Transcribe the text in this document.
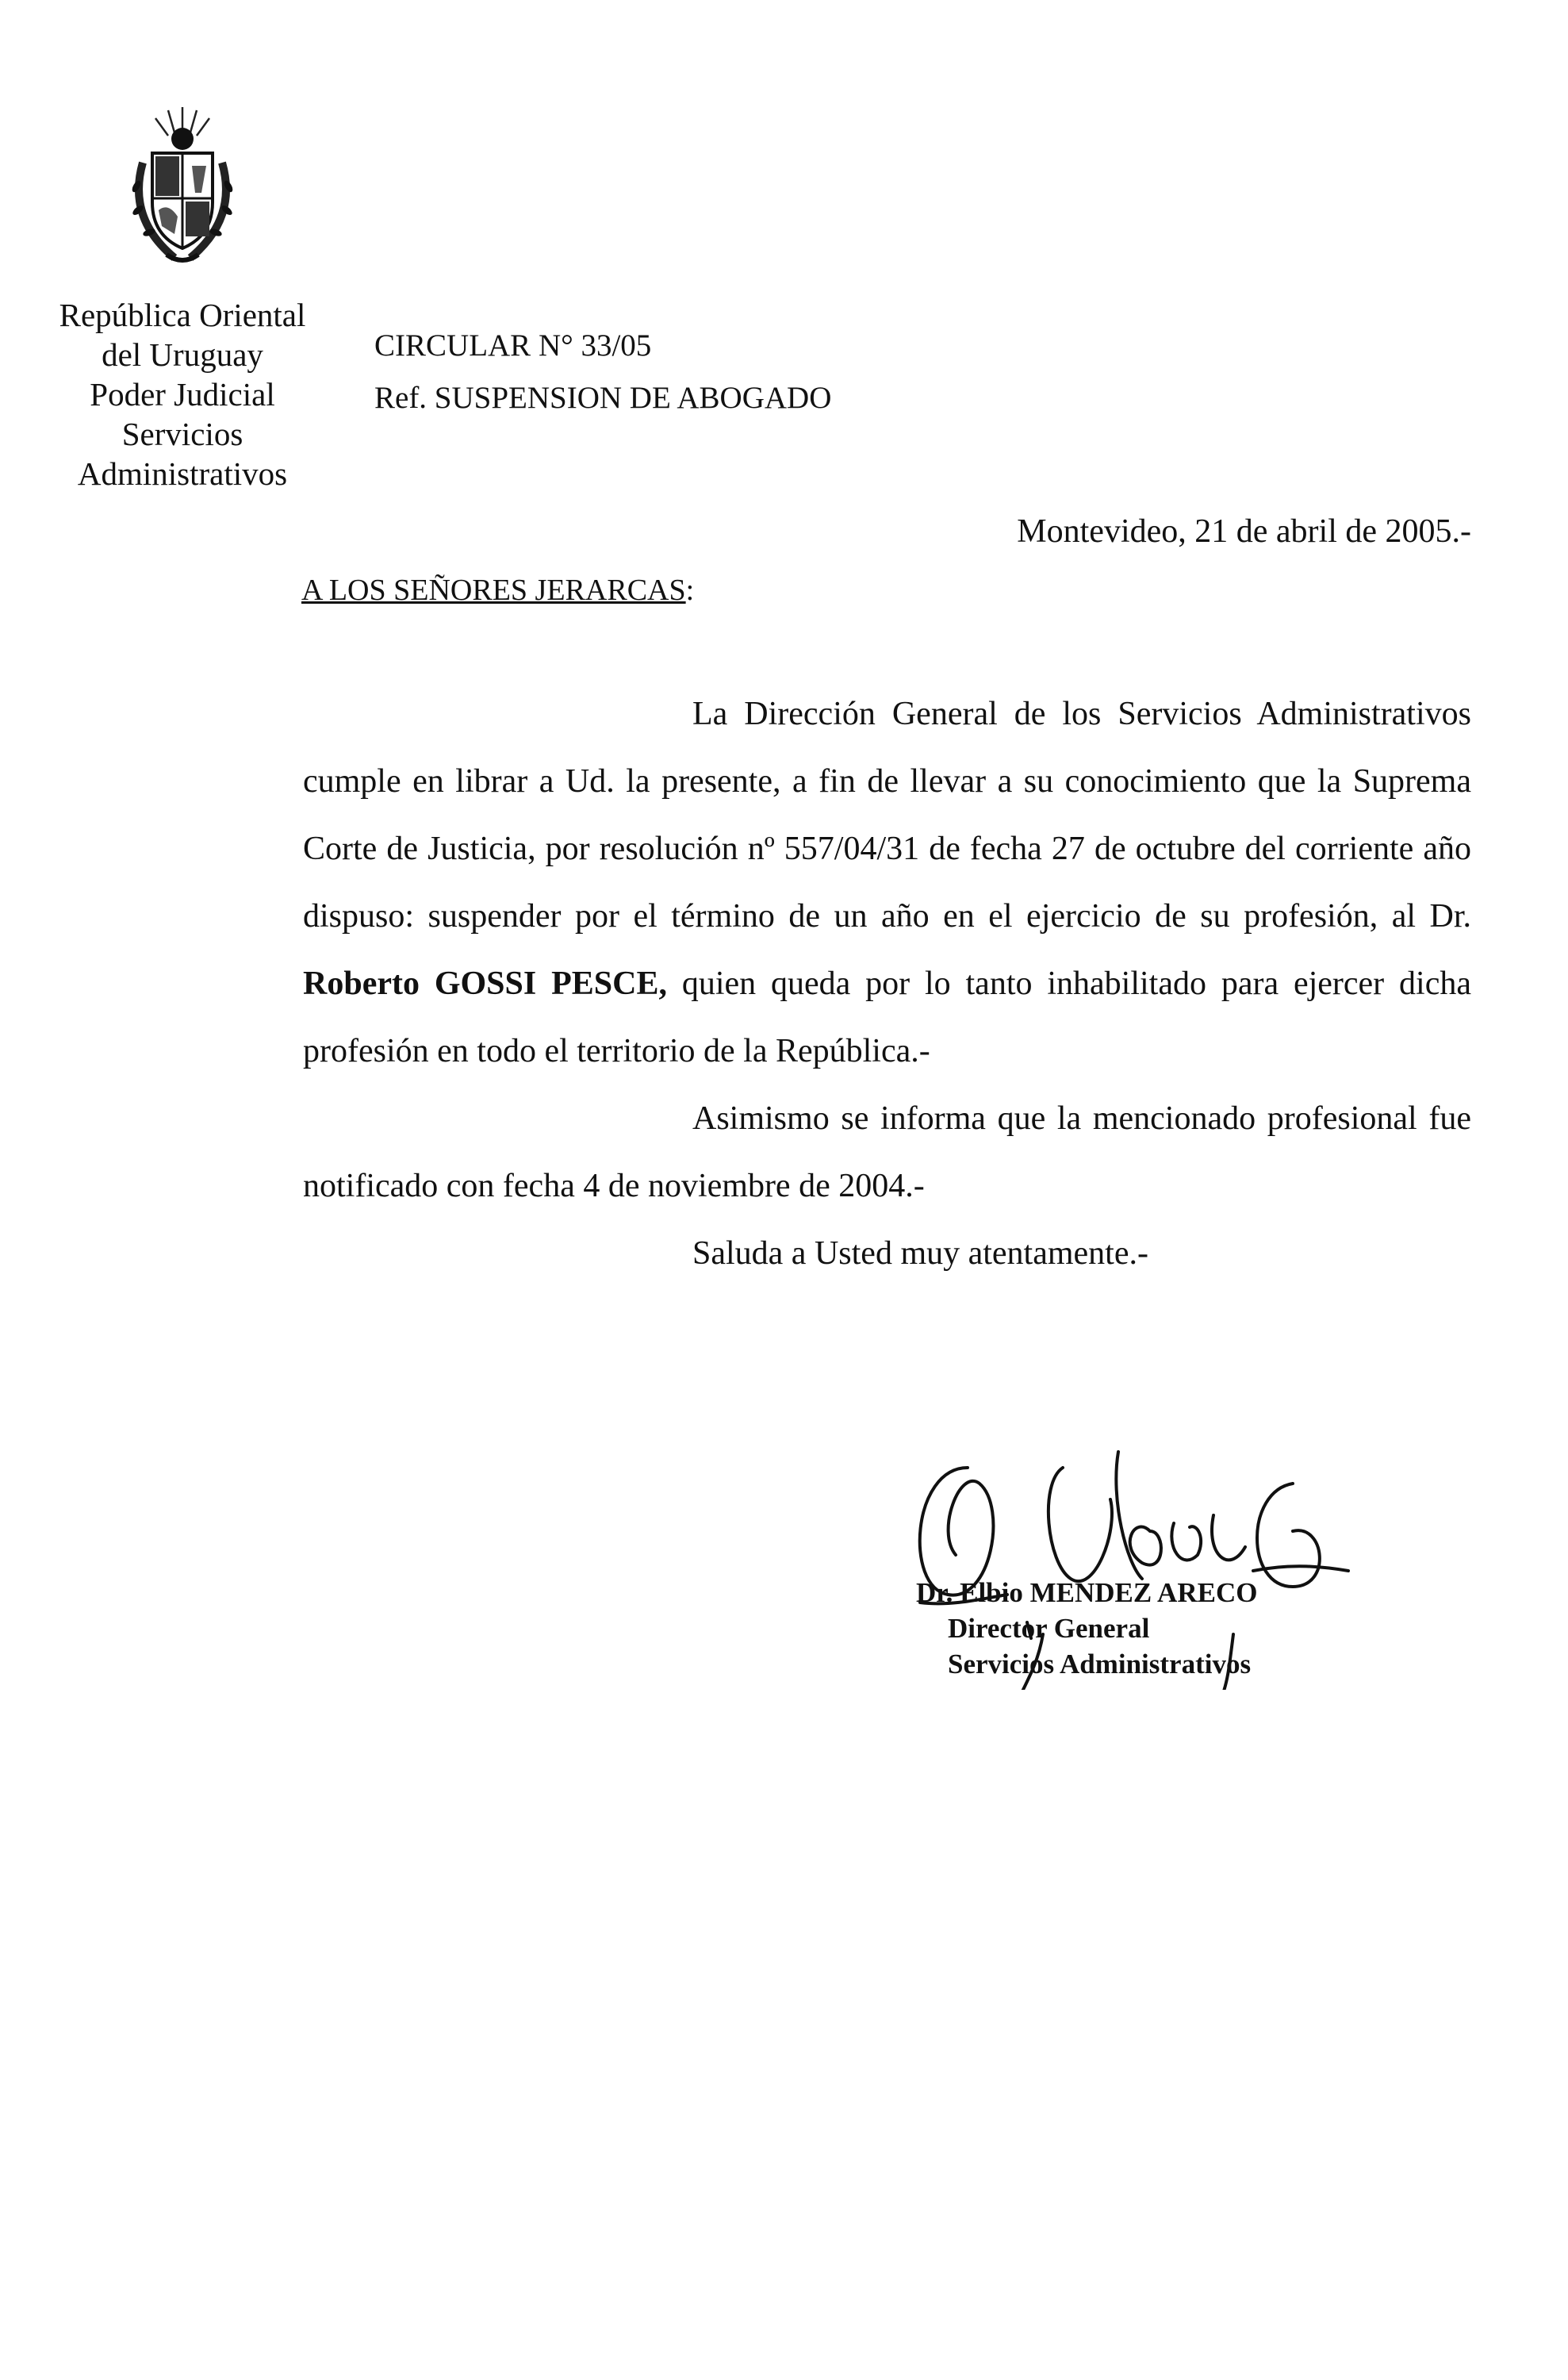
República Oriental
del Uruguay
Poder Judicial
Servicios
Administrativos
CIRCULAR N° 33/05
Ref. SUSPENSION DE ABOGADO
Montevideo, 21 de abril de 2005.-
A LOS SEÑORES JERARCAS:

La Dirección General de los Servicios Administrativos cumple en librar a Ud. la presente, a fin de llevar a su conocimiento que la Suprema Corte de Justicia, por resolución nº 557/04/31 de fecha 27 de octubre del corriente año dispuso: suspender por el término de un año en el ejercicio de su profesión, al Dr. Roberto GOSSI PESCE, quien queda por lo tanto inhabilitado para ejercer dicha profesión en todo el territorio de la República.-

Asimismo se informa que la mencionado profesional fue notificado con fecha 4 de noviembre de 2004.-

Saluda a Usted muy atentamente.-

Dr. Elbio MENDEZ ARECO
Director General
Servicios Administrativos
